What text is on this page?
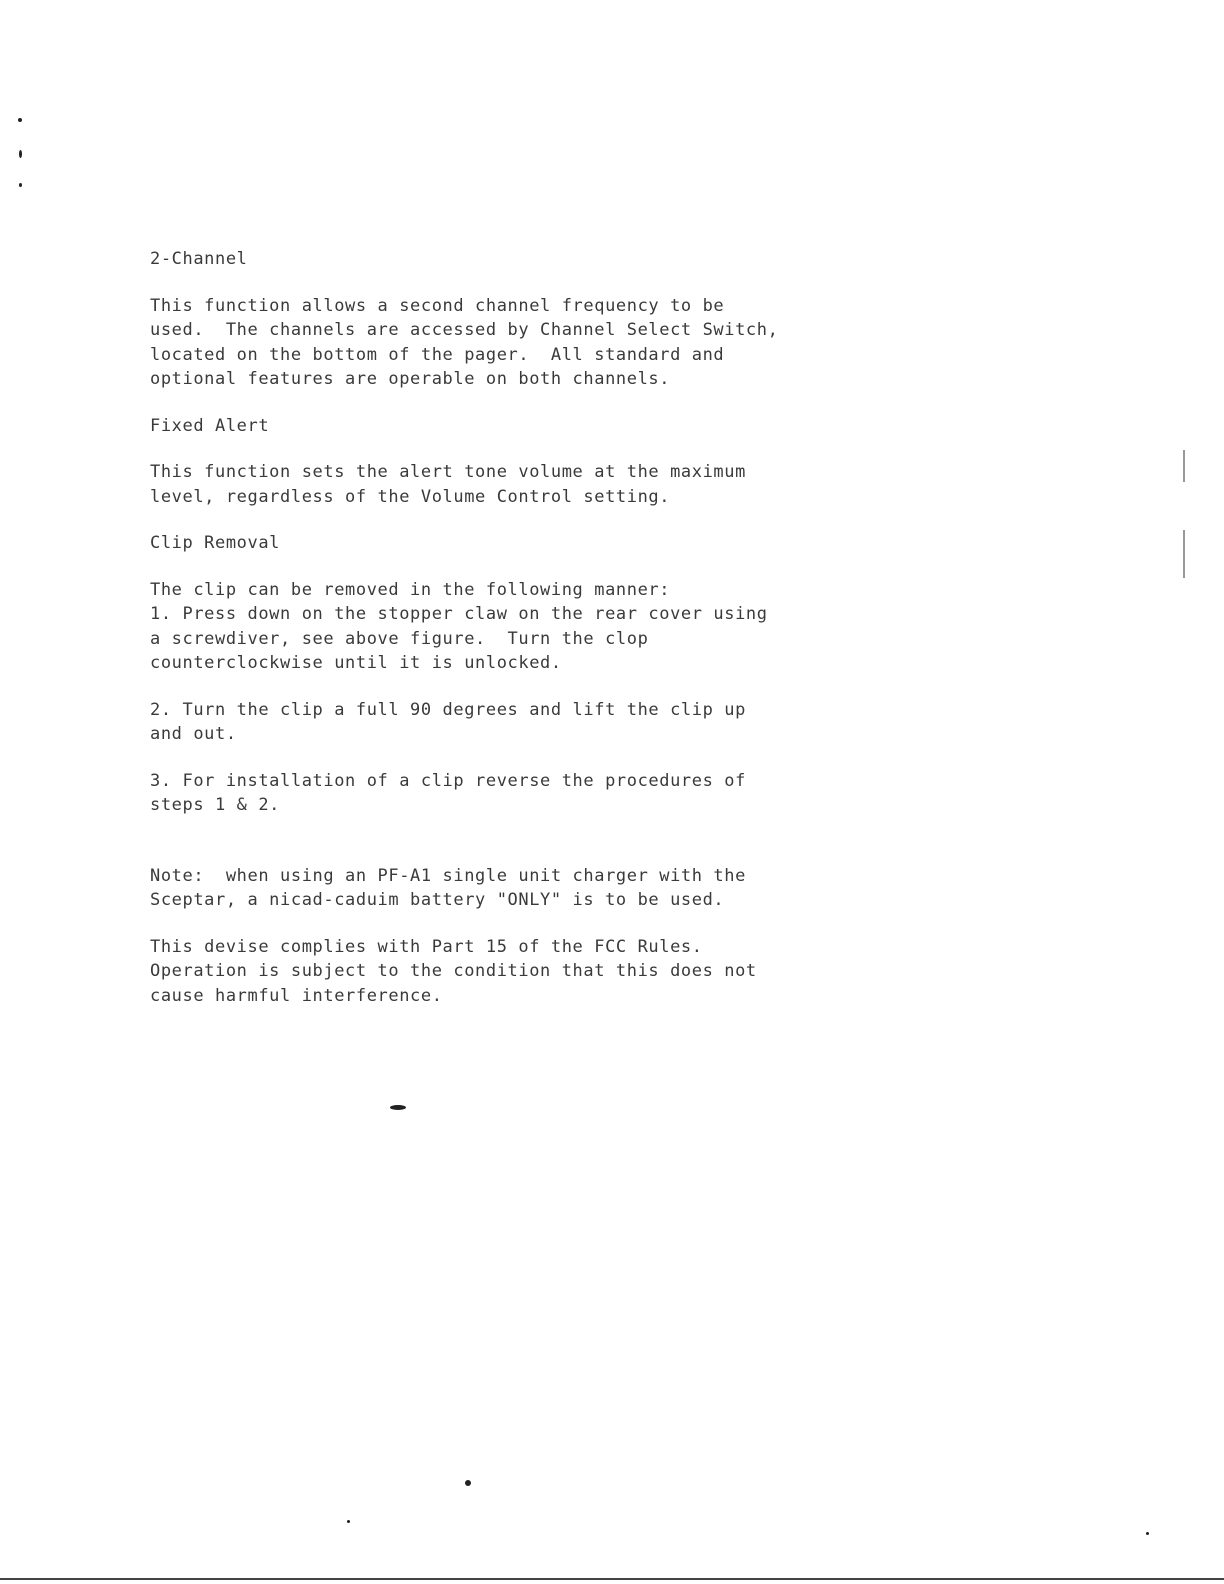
2-Channel
This function allows a second channel frequency to be
used.  The channels are accessed by Channel Select Switch,
located on the bottom of the pager.  All standard and
optional features are operable on both channels.
Fixed Alert
This function sets the alert tone volume at the maximum
level, regardless of the Volume Control setting.
Clip Removal
The clip can be removed in the following manner:
1. Press down on the stopper claw on the rear cover using
a screwdiver, see above figure.  Turn the clop
counterclockwise until it is unlocked.
2. Turn the clip a full 90 degrees and lift the clip up
and out.
3. For installation of a clip reverse the procedures of
steps 1 & 2.
Note:  when using an PF-A1 single unit charger with the
Sceptar, a nicad-caduim battery "ONLY" is to be used.
This devise complies with Part 15 of the FCC Rules.
Operation is subject to the condition that this does not
cause harmful interference.
